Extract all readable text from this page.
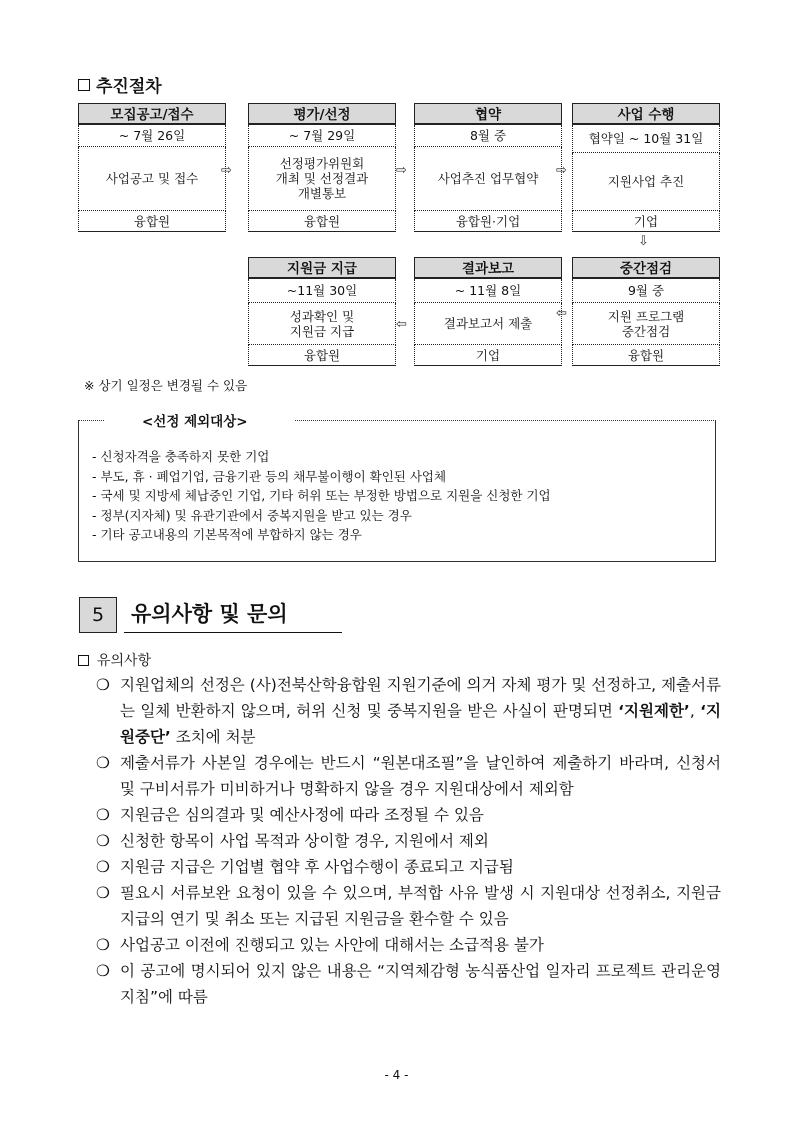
추진절차
모집공고/접수
~ 7월 26일
사업공고 및 접수
융합원
⇨
평가/선정
~ 7월 29일
선정평가위원회
개최 및 선정결과
개별통보
융합원
⇨
협약
8월 중
사업추진 업무협약
융합원·기업
⇨
사업 수행
협약일 ~ 10월 31일
지원사업 추진
기업
⇩
지원금 지급
~11월 30일
성과확인 및
지원금 지급
융합원
⇦
결과보고
~ 11월 8일
결과보고서 제출
기업
⇦
중간점검
9월 중
지원 프로그램
중간점검
융합원
※ 상기 일정은 변경될 수 있음
<선정 제외대상>
- 신청자격을 충족하지 못한 기업
- 부도, 휴 · 폐업기업, 금융기관 등의 채무불이행이 확인된 사업체
- 국세 및 지방세 체납중인 기업, 기타 허위 또는 부정한 방법으로 지원을 신청한 기업
- 정부(지자체) 및 유관기관에서 중복지원을 받고 있는 경우
- 기타 공고내용의 기본목적에 부합하지 않는 경우
5	유의사항 및 문의
유의사항
❍ 지원업체의 선정은 (사)전북산학융합원 지원기준에 의거 자체 평가 및 선정하고, 제출서류는 일체 반환하지 않으며, 허위 신청 및 중복지원을 받은 사실이 판명되면 ‘지원제한’, ‘지원중단’ 조치에 처분
❍ 제출서류가 사본일 경우에는 반드시 “원본대조필”을 날인하여 제출하기 바라며, 신청서 및 구비서류가 미비하거나 명확하지 않을 경우 지원대상에서 제외함
❍ 지원금은 심의결과 및 예산사정에 따라 조정될 수 있음
❍ 신청한 항목이 사업 목적과 상이할 경우, 지원에서 제외
❍ 지원금 지급은 기업별 협약 후 사업수행이 종료되고 지급됨
❍ 필요시 서류보완 요청이 있을 수 있으며, 부적합 사유 발생 시 지원대상 선정취소, 지원금 지급의 연기 및 취소 또는 지급된 지원금을 환수할 수 있음
❍ 사업공고 이전에 진행되고 있는 사안에 대해서는 소급적용 불가
❍ 이 공고에 명시되어 있지 않은 내용은 “지역체감형 농식품산업 일자리 프로젝트 관리운영지침”에 따름
- 4 -
